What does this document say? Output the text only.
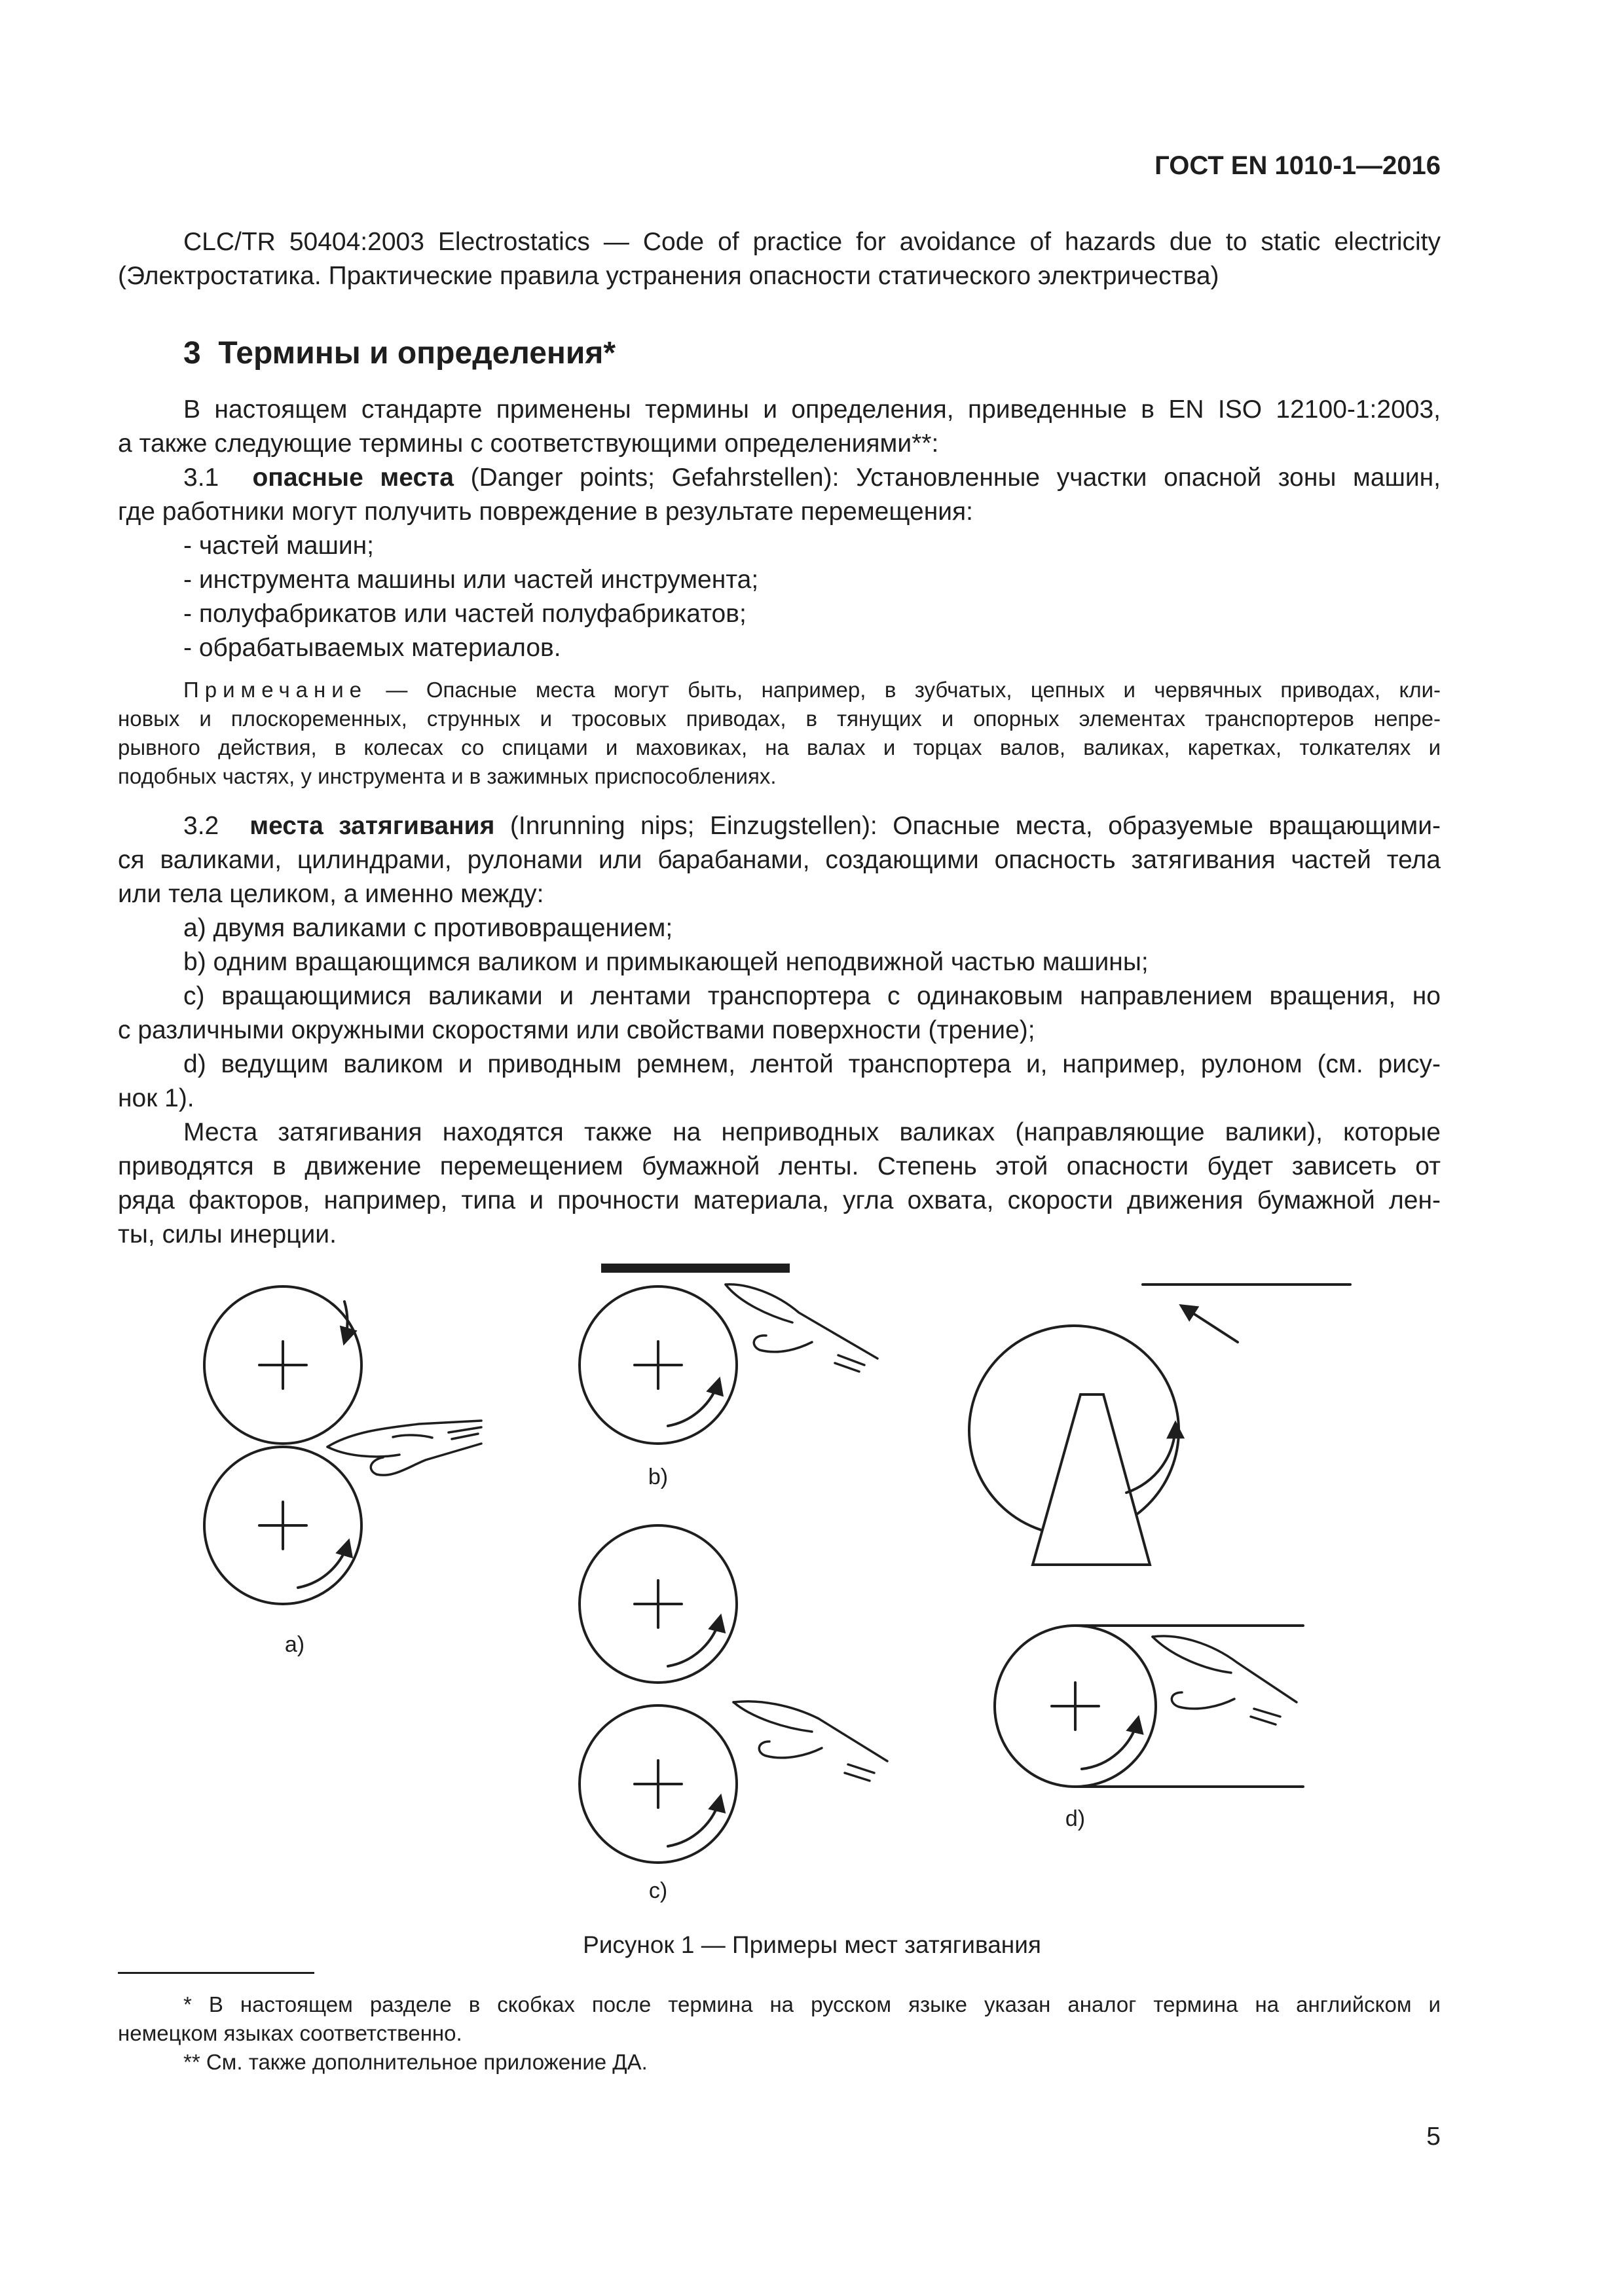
ГОСТ EN 1010-1—2016
CLC/TR 50404:2003 Electrostatics — Code of practice for avoidance of hazards due to static electricity
(Электростатика. Практические правила устранения опасности статического электричества)
3  Термины и определения*
В настоящем стандарте применены термины и определения, приведенные в EN ISO 12100-1:2003,
а также следующие термины с соответствующими определениями**:
3.1 опасные места (Danger points; Gefahrstellen): Установленные участки опасной зоны машин,
где работники могут получить повреждение в результате перемещения:
- частей машин;
- инструмента машины или частей инструмента;
- полуфабрикатов или частей полуфабрикатов;
- обрабатываемых материалов.
Примечание — Опасные места могут быть, например, в зубчатых, цепных и червячных приводах, кли-
новых и плоскоременных, струнных и тросовых приводах, в тянущих и опорных элементах транспортеров непре-
рывного действия, в колесах со спицами и маховиках, на валах и торцах валов, валиках, каретках, толкателях и
подобных частях, у инструмента и в зажимных приспособлениях.
3.2 места затягивания (Inrunning nips; Einzugstellen): Опасные места, образуемые вращающими-
ся валиками, цилиндрами, рулонами или барабанами, создающими опасность затягивания частей тела
или тела целиком, а именно между:
a) двумя валиками с противовращением;
b) одним вращающимся валиком и примыкающей неподвижной частью машины;
c) вращающимися валиками и лентами транспортера с одинаковым направлением вращения, но
с различными окружными скоростями или свойствами поверхности (трение);
d) ведущим валиком и приводным ремнем, лентой транспортера и, например, рулоном (см. рису-
нок 1).
Места затягивания находятся также на неприводных валиках (направляющие валики), которые
приводятся в движение перемещением бумажной ленты. Степень этой опасности будет зависеть от
ряда факторов, например, типа и прочности материала, угла охвата, скорости движения бумажной лен-
ты, силы инерции.
a)
b)
c)
d)
Рисунок 1 — Примеры мест затягивания
* В настоящем разделе в скобках после термина на русском языке указан аналог термина на английском и
немецком языках соответственно.
** См. также дополнительное приложение ДА.
5
